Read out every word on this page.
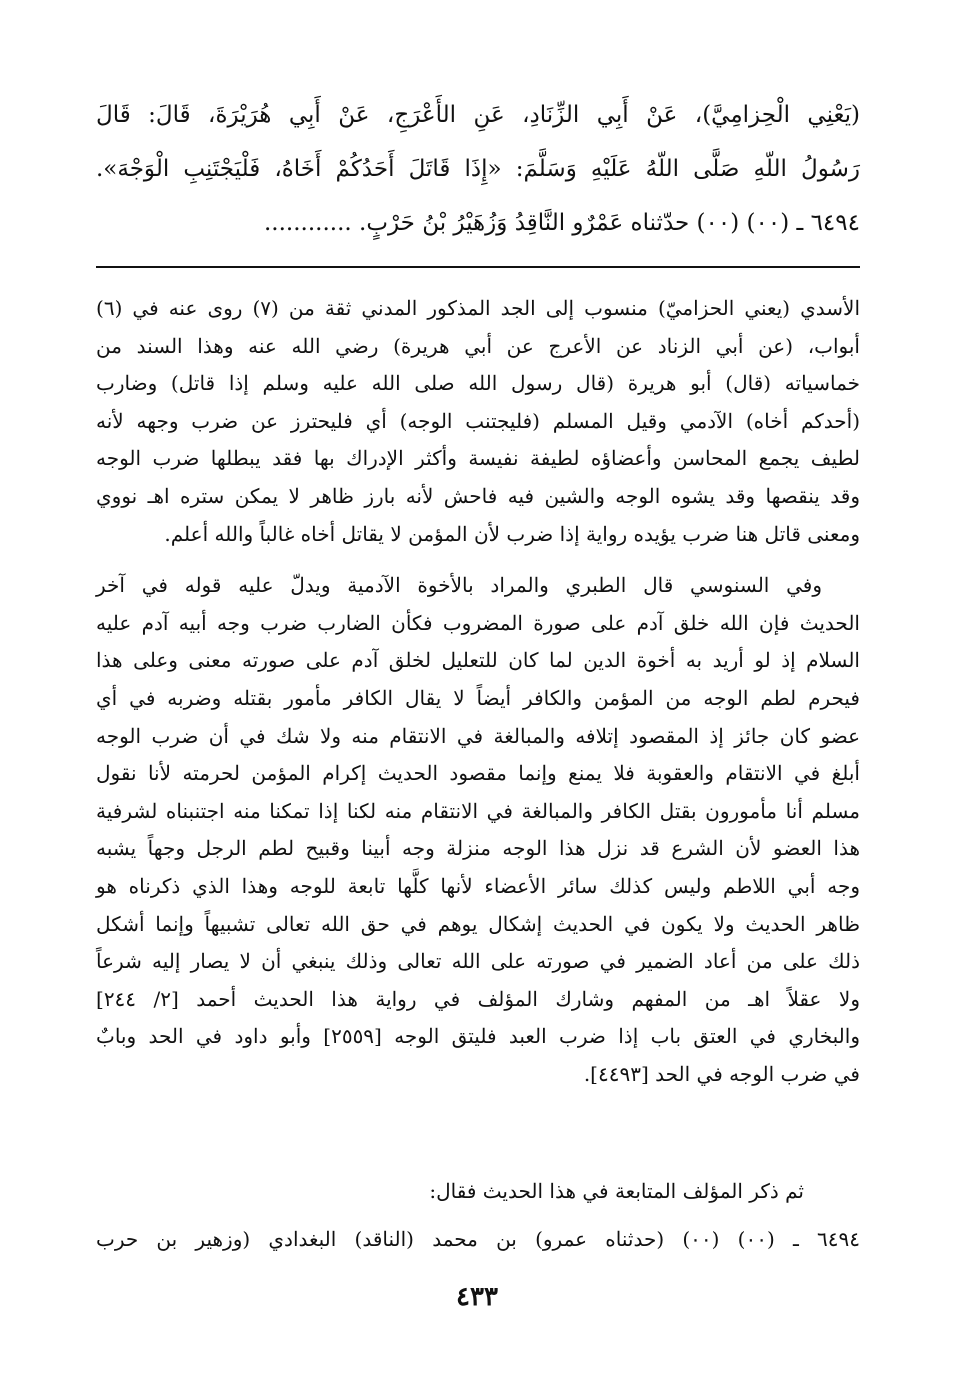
(يَعْنِي الْحِزامِيَّ)، عَنْ أَبِي الزِّنَادِ، عَنِ الأَعْرَجِ، عَنْ أَبِي هُرَيْرَةَ، قَالَ: قَالَ
رَسُولُ اللّهِ صَلَّى اللّهُ عَلَيْهِ وَسَلَّمَ: «إِذَا قَاتَلَ أَحَدُكُمْ أَخَاهُ، فَلْيَجْتَنِبِ الْوَجْهَ».
٦٤٩٤ ـ (٠٠) (٠٠) حدّثناه عَمْرٌو النَّاقِدُ وَزُهَيْرُ بْنُ حَرْبٍ. ............
الأسدي (يعني الحزاميّ) منسوب إلى الجد المذكور المدني ثقة من (٧) روى عنه في (٦)
أبواب، (عن أبي الزناد عن الأعرج عن أبي هريرة) رضي الله عنه وهذا السند من
خماسياته (قال) أبو هريرة (قال رسول الله صلى الله عليه وسلم إذا قاتل) وضارب
(أحدكم أخاه) الآدمي وقيل المسلم (فليجتنب الوجه) أي فليحترز عن ضرب وجهه لأنه
لطيف يجمع المحاسن وأعضاؤه لطيفة نفيسة وأكثر الإدراك بها فقد يبطلها ضرب الوجه
وقد ينقصها وقد يشوه الوجه والشين فيه فاحش لأنه بارز ظاهر لا يمكن ستره اهـ نووي
ومعنى قاتل هنا ضرب يؤيده رواية إذا ضرب لأن المؤمن لا يقاتل أخاه غالباً والله أعلم.
وفي السنوسي قال الطبري والمراد بالأخوة الآدمية ويدلّ عليه قوله في آخر
الحديث فإن الله خلق آدم على صورة المضروب فكأن الضارب ضرب وجه أبيه آدم عليه
السلام إذ لو أريد به أخوة الدين لما كان للتعليل لخلق آدم على صورته معنى وعلى هذا
فيحرم لطم الوجه من المؤمن والكافر أيضاً لا يقال الكافر مأمور بقتله وضربه في أي
عضو كان جائز إذ المقصود إتلافه والمبالغة في الانتقام منه ولا شك في أن ضرب الوجه
أبلغ في الانتقام والعقوبة فلا يمنع وإنما مقصود الحديث إكرام المؤمن لحرمته لأنا نقول
مسلم أنا مأمورون بقتل الكافر والمبالغة في الانتقام منه لكنا إذا تمكنا منه اجتنبناه لشرفية
هذا العضو لأن الشرع قد نزل هذا الوجه منزلة وجه أبينا وقبيح لطم الرجل وجهاً يشبه
وجه أبي اللاطم وليس كذلك سائر الأعضاء لأنها كلَّها تابعة للوجه وهذا الذي ذكرناه هو
ظاهر الحديث ولا يكون في الحديث إشكال يوهم في حق الله تعالى تشبيهاً وإنما أشكل
ذلك على من أعاد الضمير في صورته على الله تعالى وذلك ينبغي أن لا يصار إليه شرعاً
ولا عقلاً اهـ من المفهم وشارك المؤلف في رواية هذا الحديث أحمد [٢/ ٢٤٤]
والبخاري في العتق باب إذا ضرب العبد فليتق الوجه [٢٥٥٩] وأبو داود في الحد وبابٌ
في ضرب الوجه في الحد [٤٤٩٣].
ثم ذكر المؤلف المتابعة في هذا الحديث فقال:
٦٤٩٤ ـ (٠٠) (٠٠) (حدثناه عمرو) بن محمد (الناقد) البغدادي (وزهير بن حرب
٤٣٣
